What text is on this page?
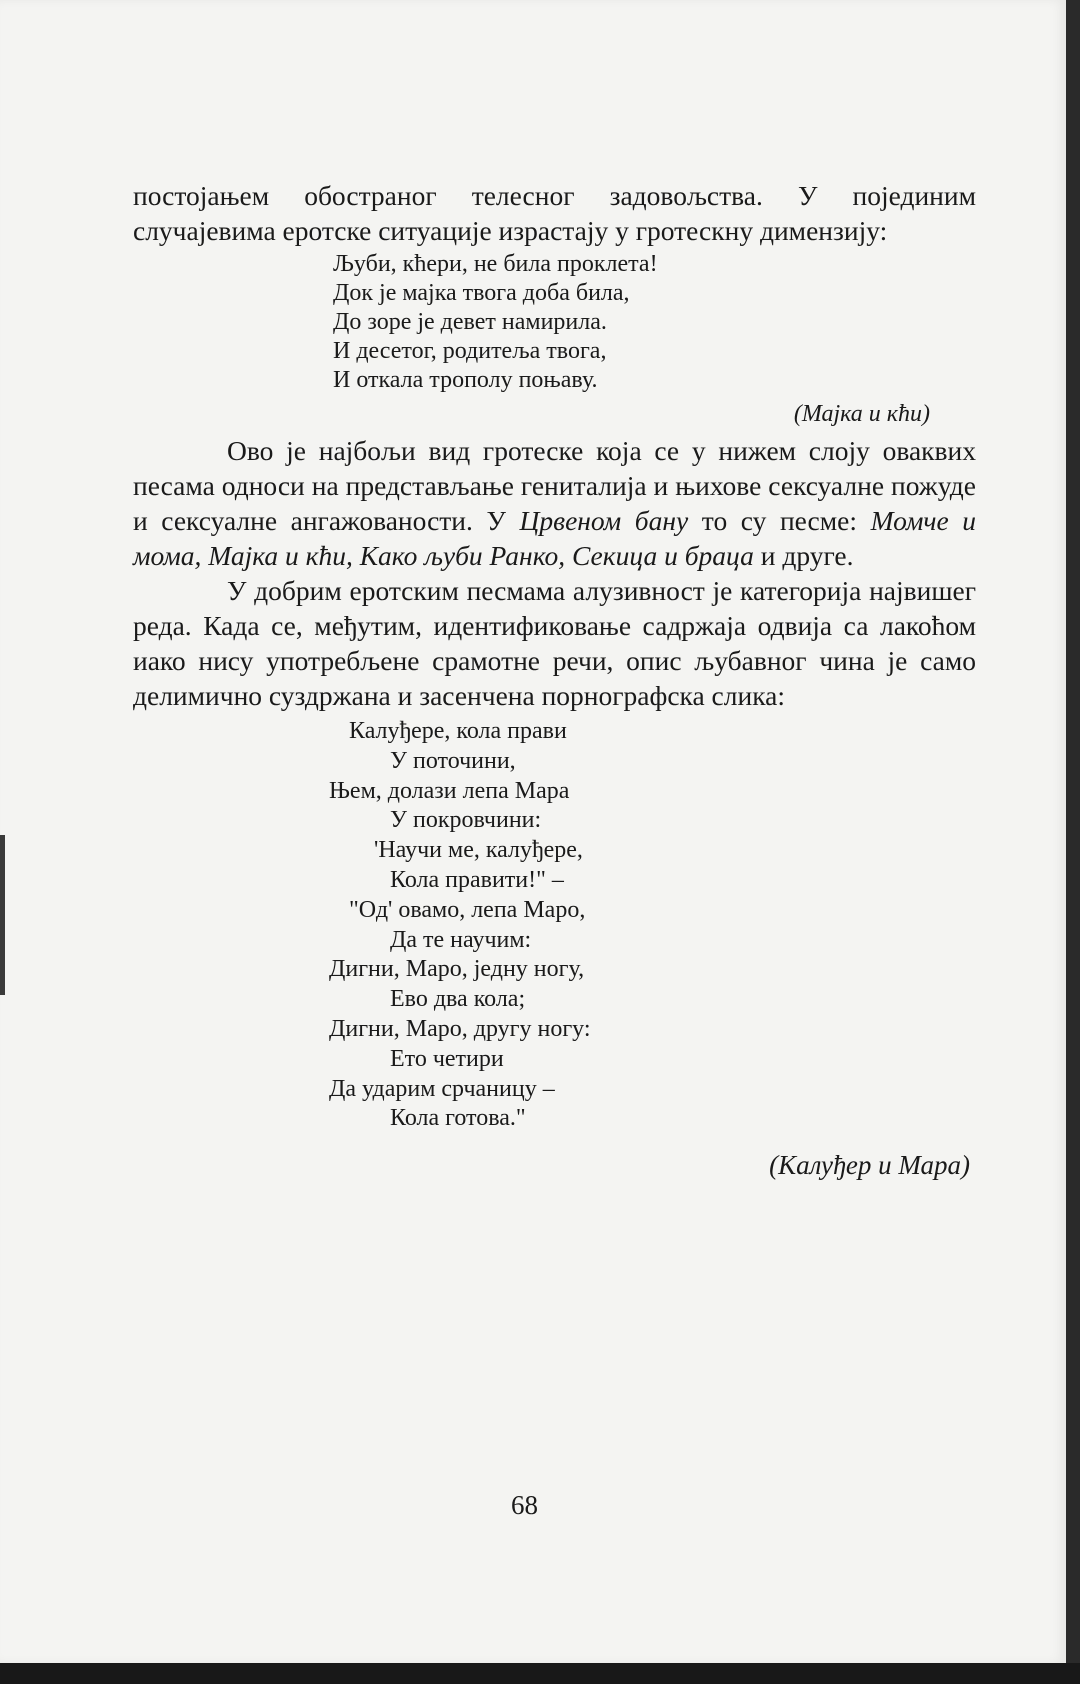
постојањем обостраног телесног задовољства. У појединим случајевима еротске ситуације израстају у гротескну димензију:

Љуби, кћери, не била проклета!
Док је мајка твога доба била,
До зоре је девет намирила.
И десетог, родитеља твога,
И откала трополу поњаву.

(Мајка и кћи)

Ово је најбољи вид гротеске која се у нижем слоју оваквих песама односи на представљање гениталија и њихове сексуалне пожуде и сексуалне ангажованости. У Црвеном бану то су песме: Момче и мома, Мајка и кћи, Како љуби Ранко, Секица и браца и друге.

У добрим еротским песмама алузивност је категорија највишег реда. Када се, међутим, идентификовање садржаја одвија са лакоћом иако нису употребљене срамотне речи, опис љубавног чина је само делимично суздржана и засенчена порнографска слика:

Калуђере, кола прави
У поточини,
Њем, долази лепа Мара
У покровчини:
'Научи ме, калуђере,
Кола правити!" –
"Од' овамо, лепа Маро,
Да те научим:
Дигни, Маро, једну ногу,
Ево два кола;
Дигни, Маро, другу ногу:
Ето четири
Да ударим срчаницу –
Кола готова."

(Калуђер и Мара)

68
